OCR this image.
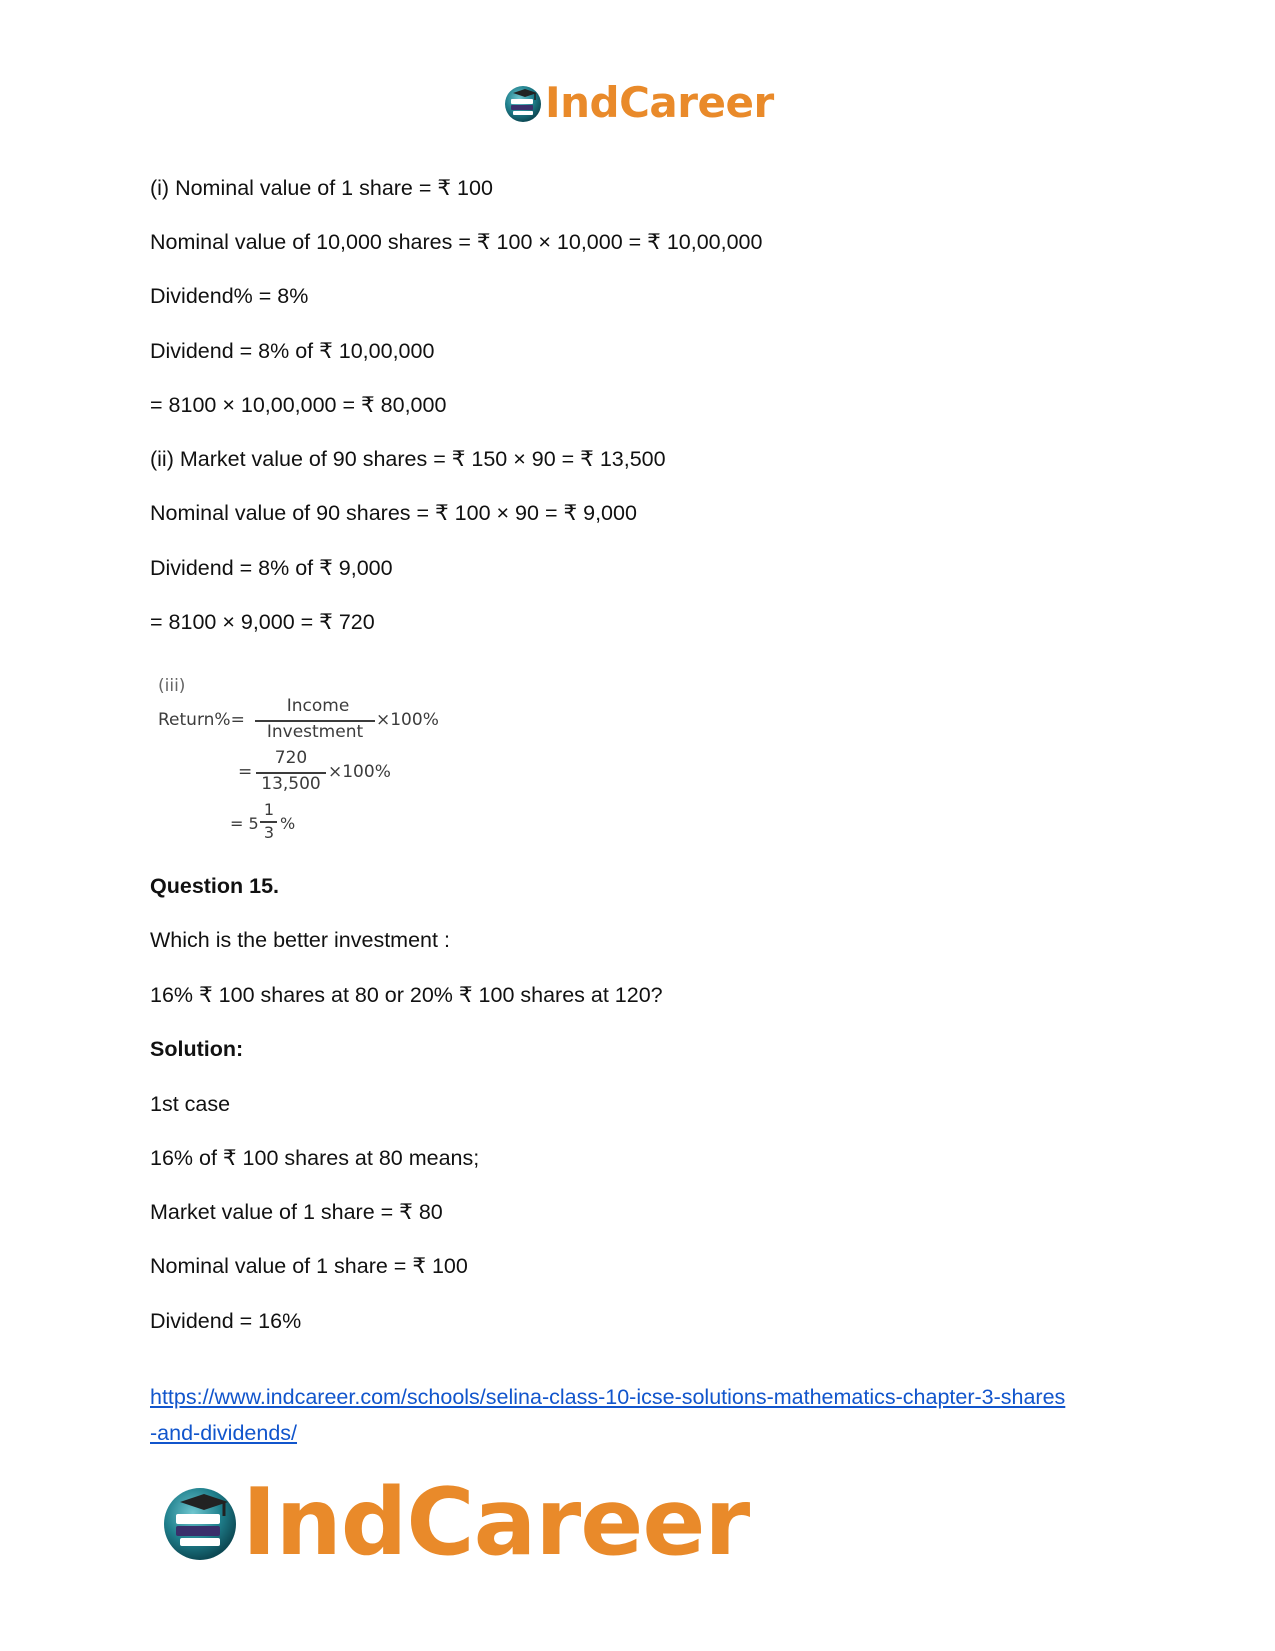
IndCareer
(i) Nominal value of 1 share = ₹ 100
Nominal value of 10,000 shares = ₹ 100 × 10,000 = ₹ 10,00,000
Dividend% = 8%
Dividend = 8% of ₹ 10,00,000
= 8100 × 10,00,000 = ₹ 80,000
(ii) Market value of 90 shares = ₹ 150 × 90 = ₹ 13,500
Nominal value of 90 shares = ₹ 100 × 90 = ₹ 9,000
Dividend = 8% of ₹ 9,000
= 8100 × 9,000 = ₹ 720
(iii)
Return%=
Income
Investment
×100%
=
720
13,500
×100%
= 5
1
3 %
Question 15.
Which is the better investment :
16% ₹ 100 shares at 80 or 20% ₹ 100 shares at 120?
Solution:
1st case
16% of ₹ 100 shares at 80 means;
Market value of 1 share = ₹ 80
Nominal value of 1 share = ₹ 100
Dividend = 16%
https://www.indcareer.com/schools/selina-class-10-icse-solutions-mathematics-chapter-3-shares
-and-dividends/
IndCareer
